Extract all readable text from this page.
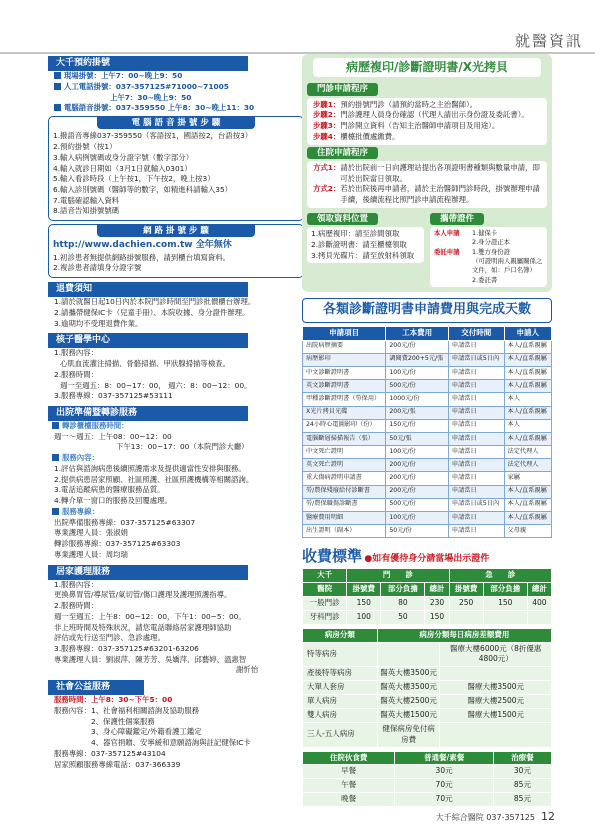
就醫資訊
大千預約掛號
現場掛號：上午7：00~晚上9：50
人工電話掛號：037-357125#71000~71005
上午7：30~晚上9：50
電腦語音掛號：037-359550 上午8：30~晚上11：30
電 腦 語 音 掛 號 步 驟
1.撥語音專線037-359550（客語按1，國語按2，台語按3）
2.預約掛號（按1）
3.輸入病例號碼或身分證字號（數字部分）
4.輸入就診日期如（3月1日就輸入0301）
5.輸入看診時段（上午按1，下午按2，晚上按3）
6.輸入診別號碼（醫師等的數字，如精進科請輸入35）
7.電腦確認輸入資料
8.語音告知掛號號碼
網 路 掛 號 步 驟
http://www.dachien.com.tw 全年無休
1.初診患者無提供網路掛號服務，請到櫃台填寫資料。
2.複診患者請填身分證字號
退費須知
1.請於就醫日起10日內於本院門診時間至門診批價櫃台辦理。
2.請攜帶健保IC卡（兒童手冊）、本院收據、身分證件辦理。
3.逾期均不受理退費作業。
核子醫學中心
1.服務內容：
心肌血流灌注掃描、骨骼掃描、甲狀腺掃描等檢查。
2.服務時間：
週一至週五：8：00~17：00， 週六：8：00~12：00。
3.服務專線：037-357125#53111
出院準備暨轉診服務
轉診櫃檯服務時間：
週一～週五：上午08：00~12：00
下午13：00~17：00（本院門診大廳）
服務內容：
1.評估與諮詢病患後續照護需求及提供適當性安排與服務。
2.提供病患居家照顧、社區照護、社區照護機構等相關諮詢。
3.電話追蹤病患的醫療服務品質。
4.轉介單一窗口的服務及回覆處理。
服務專線：
出院準備服務專線：037-357125#63307
專業護理人員：張淑娟
轉診服務專線：037-357125#63303
專業護理人員：周均瑞
居家護理服務
1.服務內容：
更換鼻胃管/導尿管/氣切管/傷口護理及護理照護指導。
2.服務時間：
週一至週五：上午8：00~12：00，下午1：00~5：00。
非上班時間及特殊狀況，請您電話聯絡居家護理師協助
評估或先行送至門診、急診處理。
3.服務專線：037-357125#63201-63206
專業護理人員：劉淑萍、陳芳芳、吳嬌萍、邱藝婷、溫惠智
謝忻怡
社會公益服務
服務時間：上午8：30~下午5：00
服務內容： 1、社會福利相關諮詢及協助服務
2、保護性個案服務
3、身心障礙鑑定/外籍看護工鑑定
4、器官捐贈、安寧緩和意願諮詢與註記健保IC卡
服務專線：037-357125#43104
居家照顧服務專線電話：037-366339
病歷複印/診斷證明書/X光拷貝
門診申請程序
步驟1：預約掛號門診（請預約當時之主治醫師）。
步驟2：門診護理人員身份確認（代理人請出示身份證及委託書）。
步驟3：門診開立資料（告知主治醫師申請項目及用途）。
步驟4：櫃檯批價處繳費。
住院申請程序
方式1： 請於出院前一日向護理站提出各項證明書種類與數量申請，即可於出院當日領取。
方式2： 若於出院後再申請者，請於主治醫師門診時段，掛號辦理申請手續，後續流程比照門診申請流程辦理。
領取資料位置
1.病歷複印：請至診間領取
2.診斷證明書：請至櫃檯領取
3.拷貝光碟片：請至放射科領取
攜帶證件
本人申請	1.健保卡
2.身分證正本
委託申請	1.雙方身份證
（可證明兩人親屬關係之文件，如：戶口名簿）
2.委託書
各類診斷證明書申請費用與完成天數
申請項目	工本費用	交付時間	申請人
出院病歷摘要	200元/份	申請當日	本人/直系親屬
病歷影印	調閱費200+5元/張	申請當日或5日內	本人/直系親屬
中文診斷證明書	100元/份	申請當日	本人/直系親屬
英文診斷證明書	500元/份	申請當日	本人/直系親屬
甲種診斷證明書（勞保用）	1000元/份	申請當日	本人
X光片拷貝光碟	200元/張	申請當日	本人/直系親屬
24小時心電圖影印（份）	150元/份	申請當日	本人
電腦斷層掃描報告（張）	50元/張	申請當日	本人/直系親屬
中文死亡證明	100元/份	申請當日	法定代理人
英文死亡證明	200元/份	申請當日	法定代理人
重大傷病證明申請書	200元/份	申請當日	家屬
勞/農保殘廢給付診斷書	200元/份	申請當日	本人/直系親屬
勞/農保職傷診斷書	500元/份	申請當日或5日內	本人/直系親屬
醫療費用明細	100元/份	申請當日	本人/直系親屬
出生證明（副本）	50元/份	申請當日	父母親
收費標準 ●如有優待身分請當場出示證件
大千	門　　診			急　　診		
醫院	掛號費	部分負擔	總計	掛號費	部分負擔	總計
一般門診	150	80	230	250	150	400
牙科門診	100	50	150			
病房分類	病房分類每日病房差額費用	
特等病房		醫療大樓6000元（8折優惠4800元）
產後特等病房	醫英大樓3500元	
大單人套房	醫英大樓3500元	醫療大樓3500元
單人病房	醫英大樓2500元	醫療大樓2500元
雙人病房	醫英大樓1500元	醫療大樓1500元
三人-五人病房	健保病房免付病房費	
住院伙食費	普通餐/素餐	治療餐
早餐	30元	30元
午餐	70元	85元
晚餐	70元	85元
大千綜合醫院 037-357125 12
